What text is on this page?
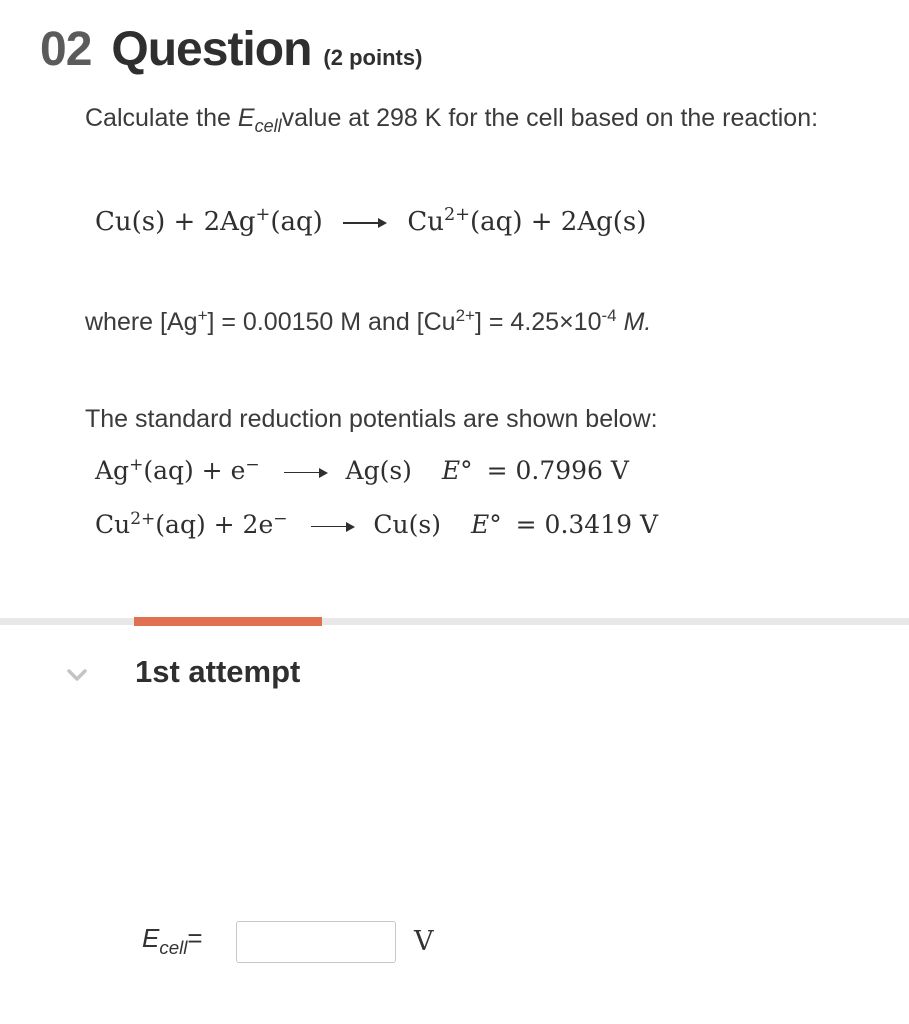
02 Question (2 points)
Calculate the $E_{cell}value$ at 298 K for the cell based on the reaction:
Cu(s) + 2Ag+(aq)	$Cu^{2+}(aq) + 2Ag(s)$
where [Ag+] = 0.00150 M and $[Cu^{2+}] = 4.25\times 10^{-4}$ M.
The standard reduction potentials are shown below:
Ag+(aq) + e−	Ag(s) E° = 0.7996 V
$Cu^{2+}(aq) + 2e^-$	Cu(s) E° = 0.3419 V
1st attempt
$E_{cell}=$	V
